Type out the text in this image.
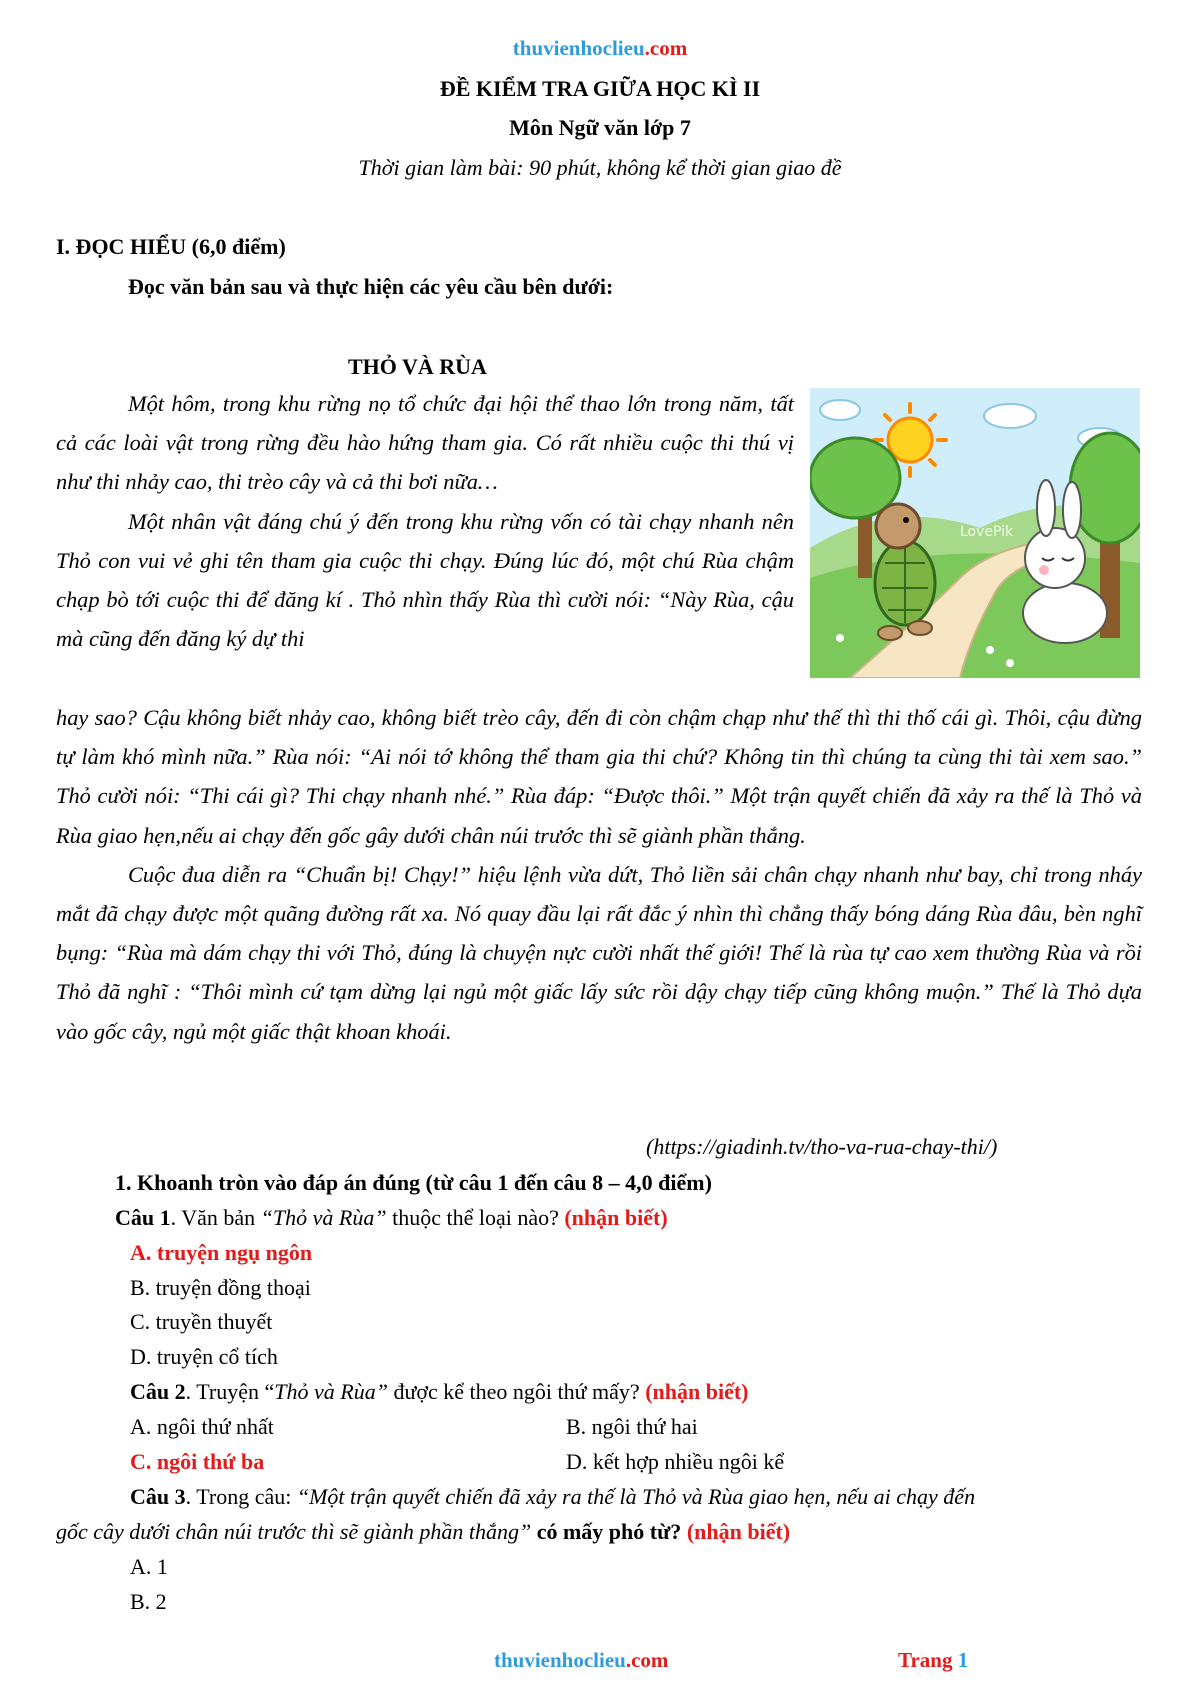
thuvienhoclieu.com
ĐỀ KIỂM TRA GIỮA HỌC KÌ II
Môn Ngữ văn lớp 7
Thời gian làm bài: 90 phút, không kể thời gian giao đề
I. ĐỌC HIỂU (6,0 điểm)
Đọc văn bản sau và thực hiện các yêu cầu bên dưới:
THỎ VÀ RÙA
LovePik

Một hôm, trong khu rừng nọ tổ chức đại hội thể thao lớn trong năm, tất cả các loài vật trong rừng đều hào hứng tham gia. Có rất nhiều cuộc thi thú vị như thi nhảy cao, thi trèo cây và cả thi bơi nữa…

Một nhân vật đáng chú ý đến trong khu rừng vốn có tài chạy nhanh nên Thỏ con vui vẻ ghi tên tham gia cuộc thi chạy. Đúng lúc đó, một chú Rùa chậm chạp bò tới cuộc thi để đăng kí . Thỏ nhìn thấy Rùa thì cười nói: “Này Rùa, cậu mà cũng đến đăng ký dự thi

hay sao? Cậu không biết nhảy cao, không biết trèo cây, đến đi còn chậm chạp như thế thì thi thố cái gì. Thôi, cậu đừng tự làm khó mình nữa.” Rùa nói: “Ai nói tớ không thể tham gia thi chứ? Không tin thì chúng ta cùng thi tài xem sao.” Thỏ cười nói: “Thi cái gì? Thi chạy nhanh nhé.” Rùa đáp: “Được thôi.” Một trận quyết chiến đã xảy ra thế là Thỏ và Rùa giao hẹn,nếu ai chạy đến gốc gây dưới chân núi trước thì sẽ giành phần thắng.

Cuộc đua diễn ra “Chuẩn bị! Chạy!” hiệu lệnh vừa dứt, Thỏ liền sải chân chạy nhanh như bay, chỉ trong nháy mắt đã chạy được một quãng đường rất xa. Nó quay đầu lại rất đắc ý nhìn thì chẳng thấy bóng dáng Rùa đâu, bèn nghĩ bụng: “Rùa mà dám chạy thi với Thỏ, đúng là chuyện nực cười nhất thế giới! Thế là rùa tự cao xem thường Rùa và rồi Thỏ đã nghĩ : “Thôi mình cứ tạm dừng lại ngủ một giấc lấy sức rồi dậy chạy tiếp cũng không muộn.” Thế là Thỏ dựa vào gốc cây, ngủ một giấc thật khoan khoái.

(https://giadinh.tv/tho-va-rua-chay-thi/)
1. Khoanh tròn vào đáp án đúng (từ câu 1 đến câu 8 – 4,0 điểm)
Câu 1. Văn bản “Thỏ và Rùa” thuộc thể loại nào? (nhận biết)
A. truyện ngụ ngôn
B. truyện đồng thoại
C. truyền thuyết
D. truyện cổ tích
Câu 2. Truyện “Thỏ và Rùa” được kể theo ngôi thứ mấy? (nhận biết)
A. ngôi thứ nhất	B. ngôi thứ hai
C. ngôi thứ ba	D. kết hợp nhiều ngôi kể
Câu 3. Trong câu: “Một trận quyết chiến đã xảy ra thế là Thỏ và Rùa giao hẹn, nếu ai chạy đến
gốc cây dưới chân núi trước thì sẽ giành phần thắng” có mấy phó từ? (nhận biết)
A. 1
B. 2
thuvienhoclieu.com	Trang 1
